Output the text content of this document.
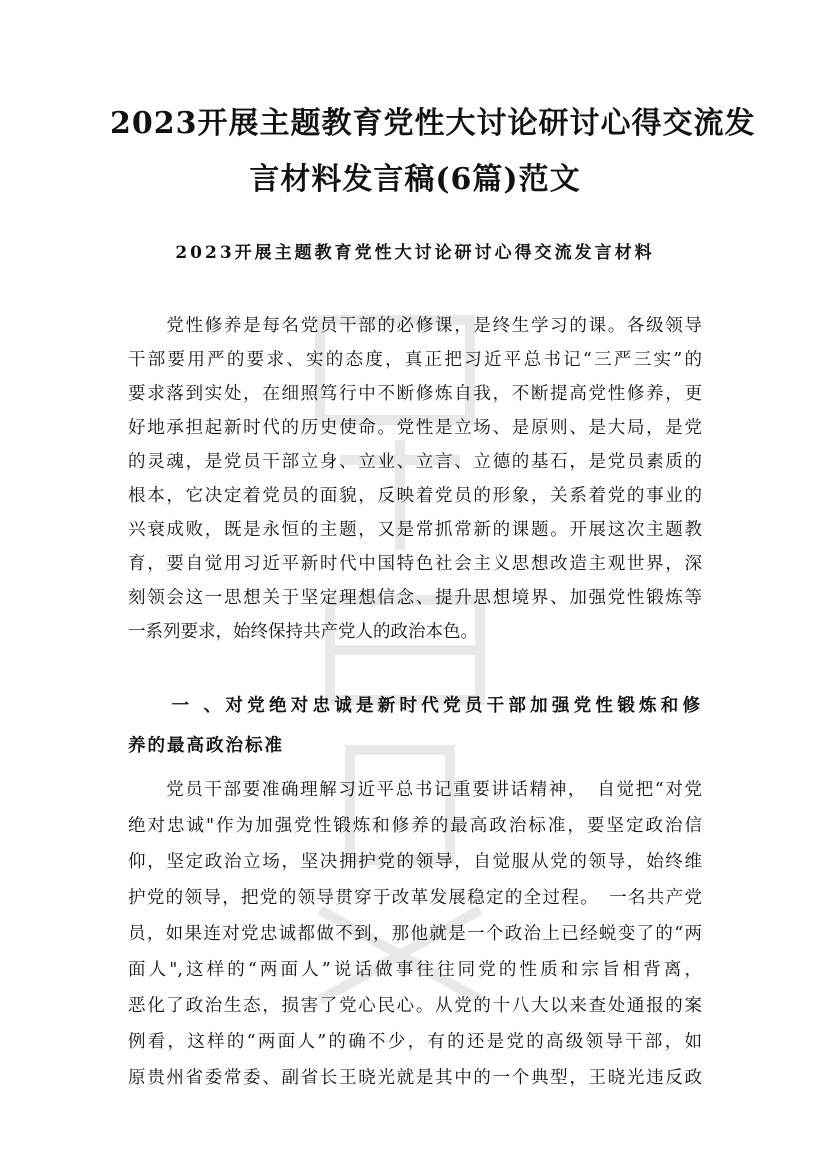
2023开展主题教育党性大讨论研讨心得交流发
言材料发言稿(6篇)范文
2023开展主题教育党性大讨论研讨心得交流发言材料
　　党性修养是每名党员干部的必修课，是终生学习的课。各级领导
干部要用严的要求、实的态度，真正把习近平总书记“三严三实”的
要求落到实处，在细照笃行中不断修炼自我，不断提高党性修养，更
好地承担起新时代的历史使命。党性是立场、是原则、是大局，是党
的灵魂，是党员干部立身、立业、立言、立德的基石，是党员素质的
根本，它决定着党员的面貌，反映着党员的形象，关系着党的事业的
兴衰成败，既是永恒的主题，又是常抓常新的课题。开展这次主题教
育，要自觉用习近平新时代中国特色社会主义思想改造主观世界，深
刻领会这一思想关于坚定理想信念、提升思想境界、加强党性锻炼等
一系列要求，始终保持共产党人的政治本色。
　　一 、对党绝对忠诚是新时代党员干部加强党性锻炼和修
养的最高政治标准
　　党员干部要准确理解习近平总书记重要讲话精神，　自觉把“对党
绝对忠诚"作为加强党性锻炼和修养的最高政治标准，要坚定政治信
仰，坚定政治立场，坚决拥护党的领导，自觉服从党的领导，始终维
护党的领导，把党的领导贯穿于改革发展稳定的全过程。　一名共产党
员，如果连对党忠诚都做不到，那他就是一个政治上已经蜕变了的“两
面人",这样的“两面人”说话做事往往同党的性质和宗旨相背离，
恶化了政治生态，损害了党心民心。从党的十八大以来查处通报的案
例看，这样的“两面人”的确不少，有的还是党的高级领导干部，如
原贵州省委常委、副省长王晓光就是其中的一个典型，王晓光违反政
